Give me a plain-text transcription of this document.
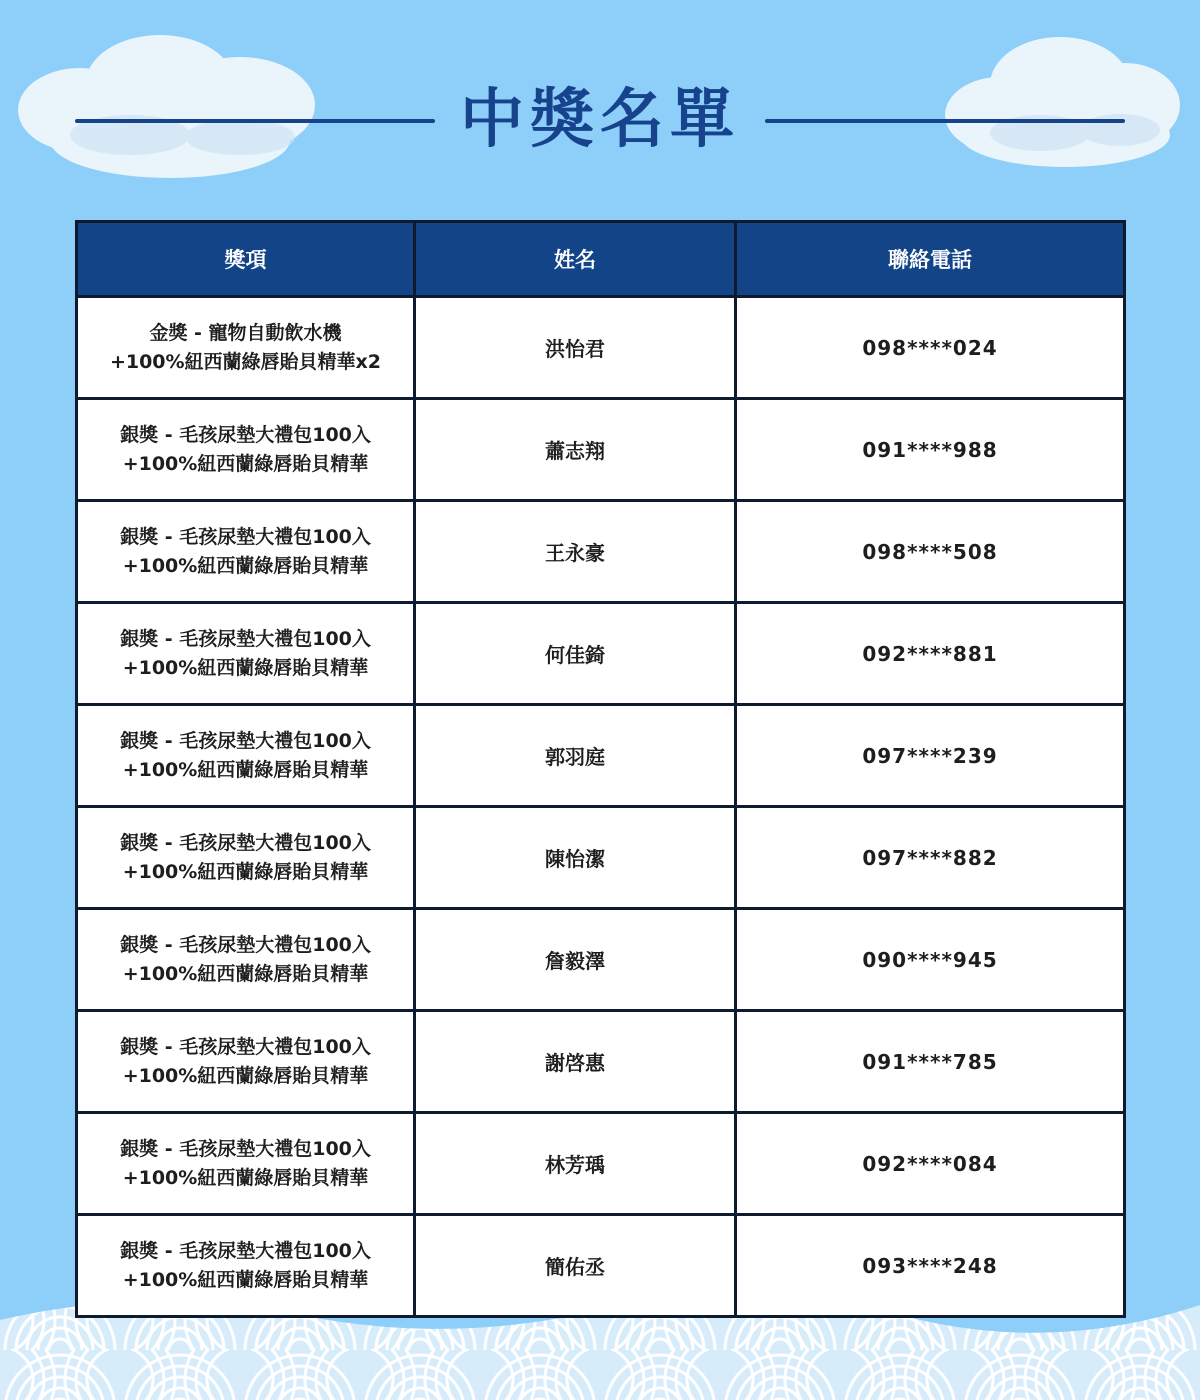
中獎名單
獎項	姓名	聯絡電話

金獎 - 寵物自動飲水機
+100%紐西蘭綠唇貽貝精華x2	洪怡君	098****024

銀獎 - 毛孩尿墊大禮包100入
+100%紐西蘭綠唇貽貝精華	蕭志翔	091****988

銀獎 - 毛孩尿墊大禮包100入
+100%紐西蘭綠唇貽貝精華	王永豪	098****508

銀獎 - 毛孩尿墊大禮包100入
+100%紐西蘭綠唇貽貝精華	何佳錡	092****881

銀獎 - 毛孩尿墊大禮包100入
+100%紐西蘭綠唇貽貝精華	郭羽庭	097****239

銀獎 - 毛孩尿墊大禮包100入
+100%紐西蘭綠唇貽貝精華	陳怡潔	097****882

銀獎 - 毛孩尿墊大禮包100入
+100%紐西蘭綠唇貽貝精華	詹毅澤	090****945

銀獎 - 毛孩尿墊大禮包100入
+100%紐西蘭綠唇貽貝精華	謝啓惠	091****785

銀獎 - 毛孩尿墊大禮包100入
+100%紐西蘭綠唇貽貝精華	林芳瑀	092****084

銀獎 - 毛孩尿墊大禮包100入
+100%紐西蘭綠唇貽貝精華	簡佑丞	093****248
